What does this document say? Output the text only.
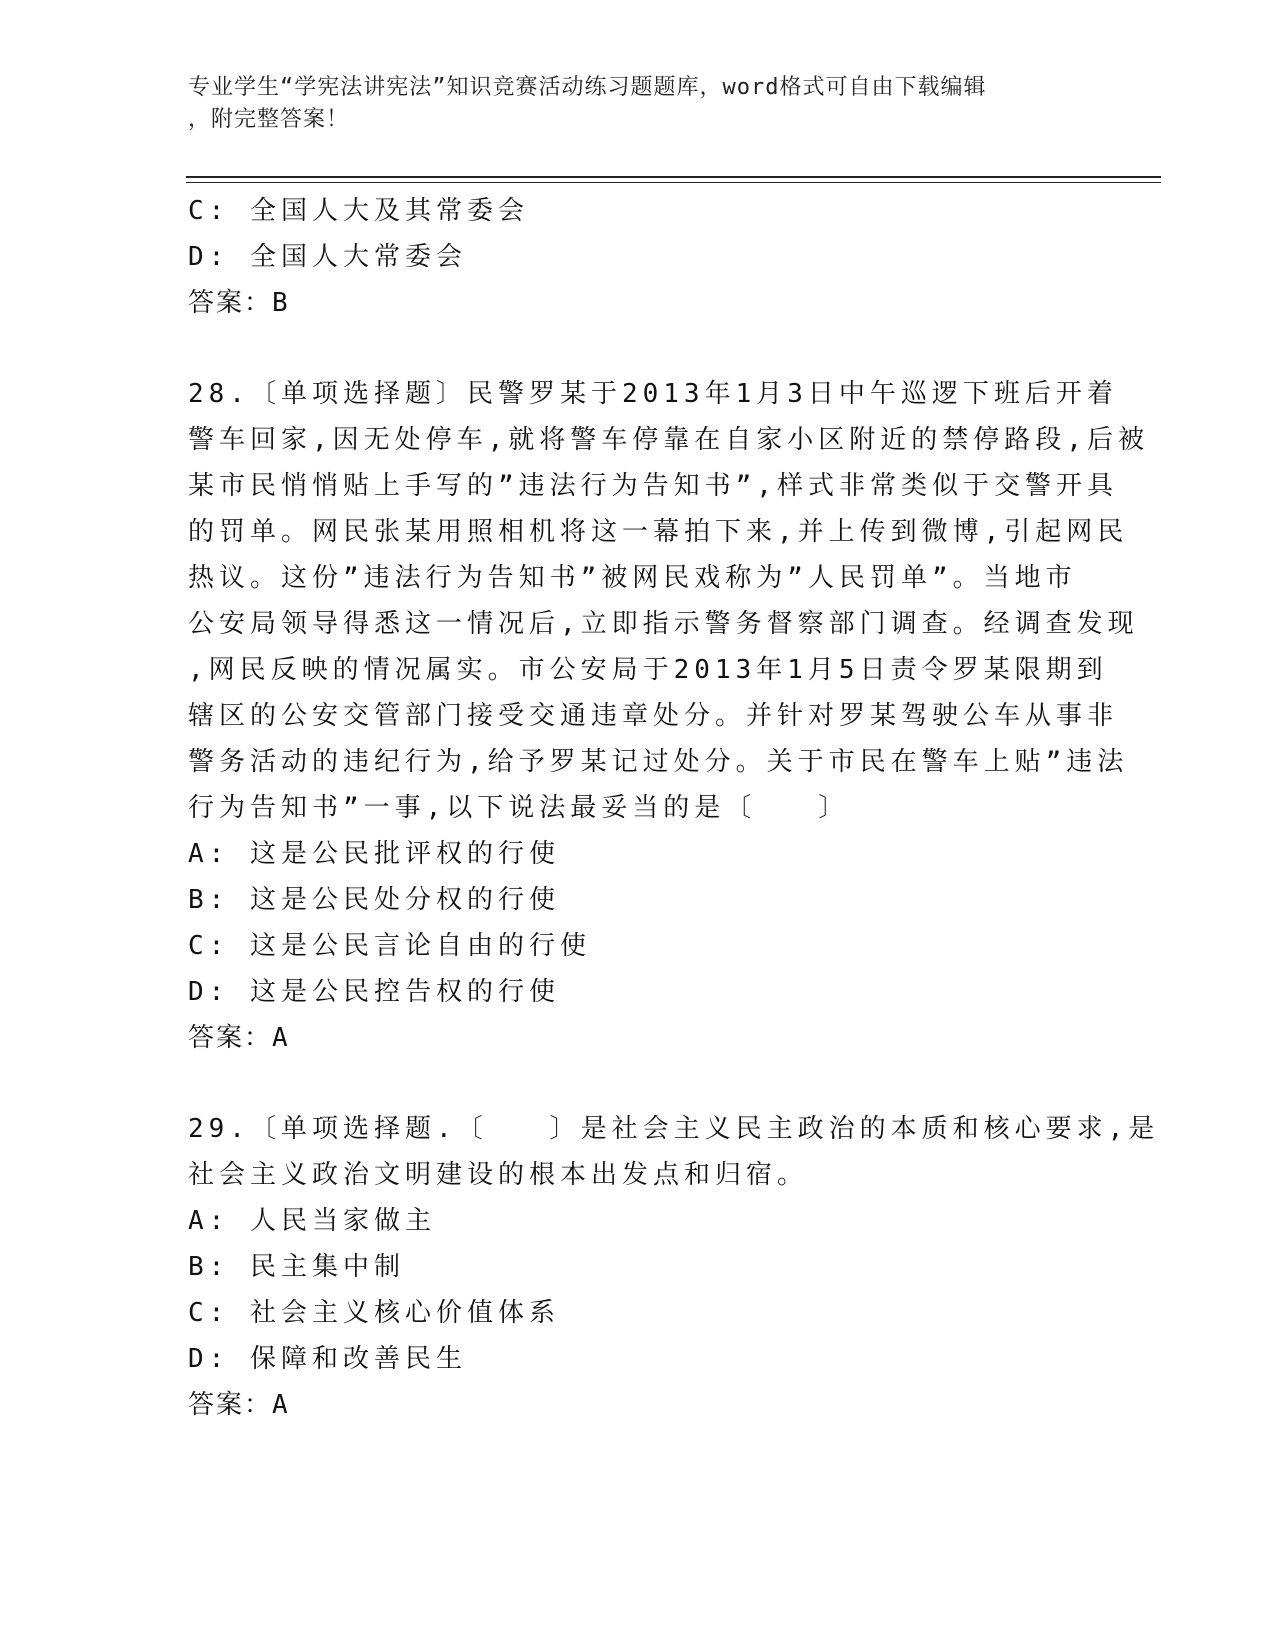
专业学生“学宪法讲宪法”知识竞赛活动练习题题库，word格式可自由下载编辑
，附完整答案！
C: 全国人大及其常委会
D: 全国人大常委会
答案：B
28.〔单项选择题〕民警罗某于2013年1月3日中午巡逻下班后开着
警车回家,因无处停车,就将警车停靠在自家小区附近的禁停路段,后被
某市民悄悄贴上手写的”违法行为告知书”,样式非常类似于交警开具
的罚单。网民张某用照相机将这一幕拍下来,并上传到微博,引起网民
热议。这份”违法行为告知书”被网民戏称为”人民罚单”。当地市
公安局领导得悉这一情况后,立即指示警务督察部门调查。经调查发现
,网民反映的情况属实。市公安局于2013年1月5日责令罗某限期到
辖区的公安交管部门接受交通违章处分。并针对罗某驾驶公车从事非
警务活动的违纪行为,给予罗某记过处分。关于市民在警车上贴”违法
行为告知书”一事,以下说法最妥当的是〔　　〕
A: 这是公民批评权的行使
B: 这是公民处分权的行使
C: 这是公民言论自由的行使
D: 这是公民控告权的行使
答案：A
29.〔单项选择题.〔　　〕是社会主义民主政治的本质和核心要求,是
社会主义政治文明建设的根本出发点和归宿。
A: 人民当家做主
B: 民主集中制
C: 社会主义核心价值体系
D: 保障和改善民生
答案：A
